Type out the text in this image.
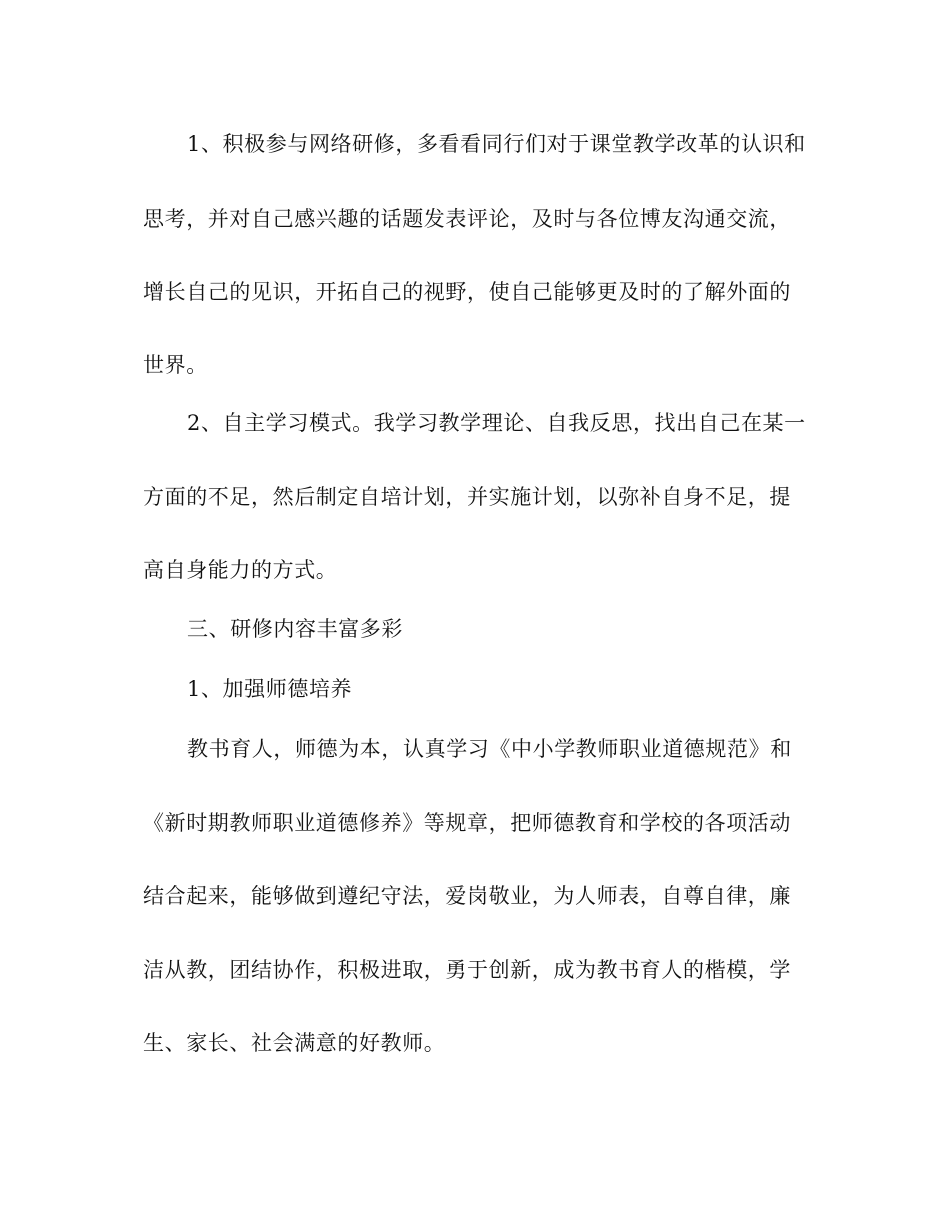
1、积极参与网络研修，多看看同行们对于课堂教学改革的认识和
思考，并对自己感兴趣的话题发表评论，及时与各位博友沟通交流，
增长自己的见识，开拓自己的视野，使自己能够更及时的了解外面的
世界。
2、自主学习模式。我学习教学理论、自我反思，找出自己在某一
方面的不足，然后制定自培计划，并实施计划，以弥补自身不足，提
高自身能力的方式。
三、研修内容丰富多彩
1、加强师德培养
教书育人，师德为本，认真学习《中小学教师职业道德规范》和
《新时期教师职业道德修养》等规章，把师德教育和学校的各项活动
结合起来，能够做到遵纪守法，爱岗敬业，为人师表，自尊自律，廉
洁从教，团结协作，积极进取，勇于创新，成为教书育人的楷模，学
生、家长、社会满意的好教师。
